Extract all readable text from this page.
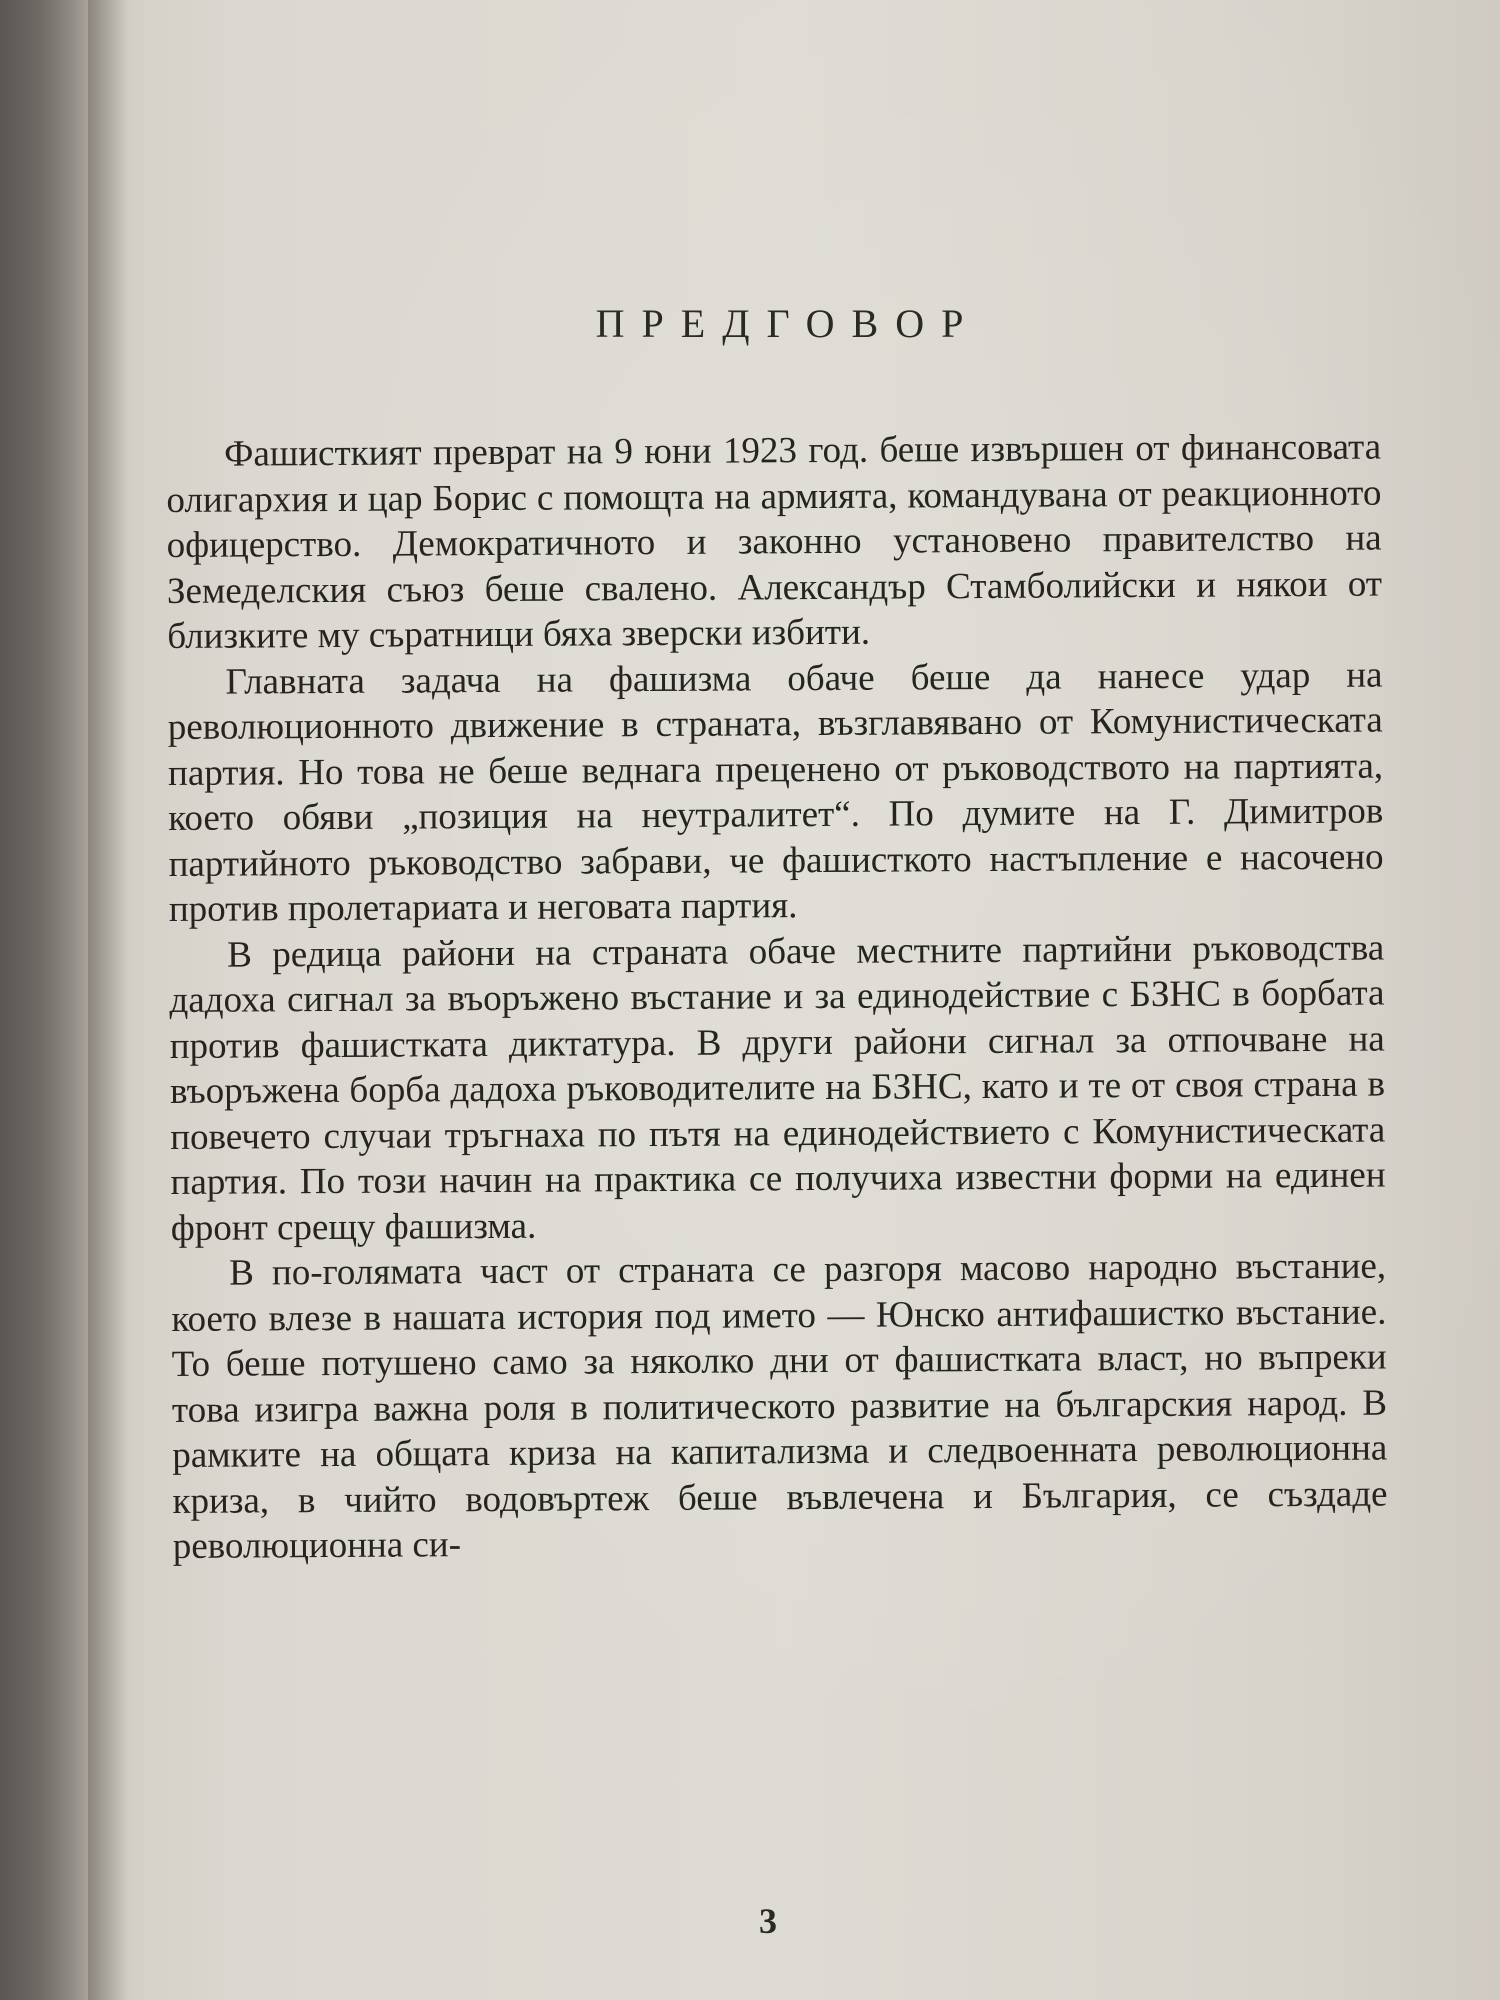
ПРЕДГОВОР

Фашисткият преврат на 9 юни 1923 год. беше извършен от финансовата олигархия и цар Борис с помощта на армията, командувана от реакционното офицерство. Демократичното и законно установено правителство на Земеделския съюз беше свалено. Александър Стамболийски и някои от близките му съратници бяха зверски избити.

Главната задача на фашизма обаче беше да нанесе удар на революционното движение в страната, възглавявано от Комунистическата партия. Но това не беше веднага преценено от ръководството на партията, което обяви „позиция на неутралитет“. По думите на Г. Димитров партийното ръководство забрави, че фашисткото настъпление е насочено против пролетариата и неговата партия.

В редица райони на страната обаче местните партийни ръководства дадоха сигнал за въоръжено въстание и за единодействие с БЗНС в борбата против фашистката диктатура. В други райони сигнал за отпочване на въоръжена борба дадоха ръководителите на БЗНС, като и те от своя страна в повечето случаи тръгнаха по пътя на единодействието с Комунистическата партия. По този начин на практика се получиха известни форми на единен фронт срещу фашизма.

В по-голямата част от страната се разгоря масово народно въстание, което влезе в нашата история под името — Юнско антифашистко въстание. То беше потушено само за няколко дни от фашистката власт, но въпреки това изигра важна роля в политическото развитие на българския народ. В рамките на общата криза на капитализма и следвоенната революционна криза, в чийто водовъртеж беше въвлечена и България, се създаде революционна си-

3
